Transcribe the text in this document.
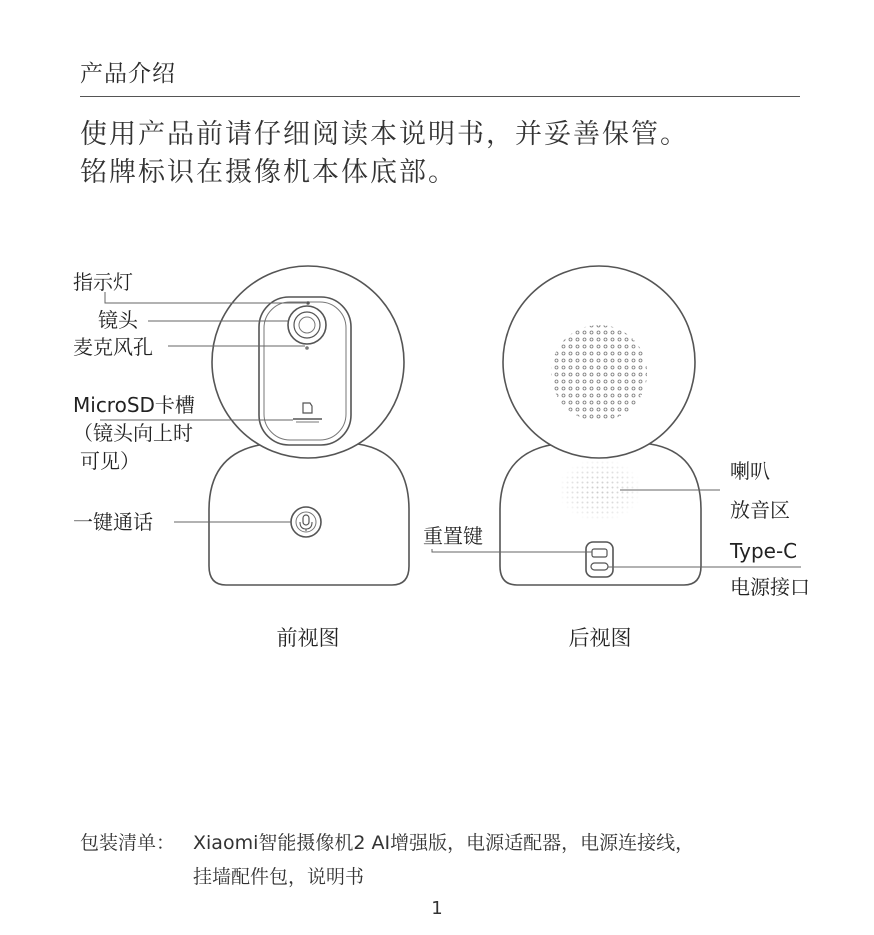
产品介绍
使用产品前请仔细阅读本说明书，并妥善保管。
铭牌标识在摄像机本体底部。
指示灯
镜头
麦克风孔
MicroSD卡槽
（镜头向上时
可见）
一键通话
前视图
喇叭
放音区
重置键
Type-C
电源接口
后视图
包装清单： Xiaomi智能摄像机2 AI增强版，电源适配器，电源连接线，
挂墙配件包，说明书
1
